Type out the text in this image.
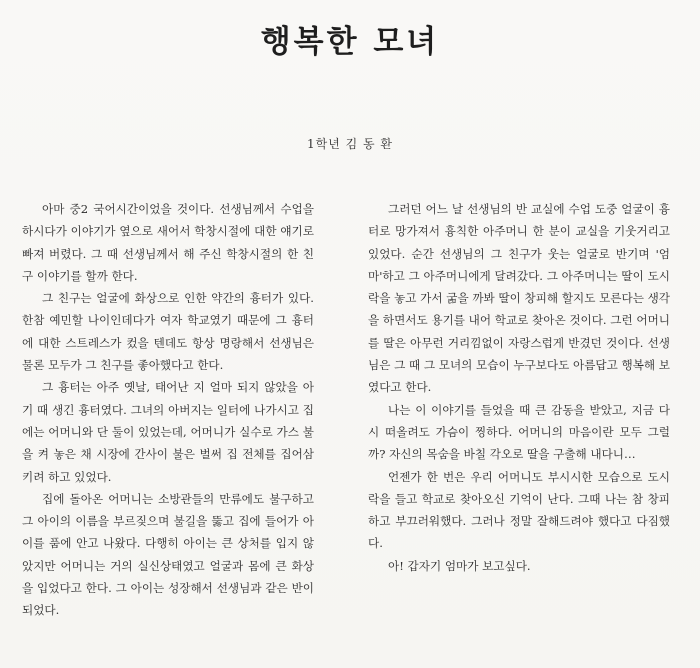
행복한 모녀
1학년 김 동 환

아마 중2 국어시간이었을 것이다. 선생님께서 수업을 하시다가 이야기가 옆으로 새어서 학창시절에 대한 얘기로 빠져 버렸다. 그 때 선생님께서 해 주신 학창시절의 한 친구 이야기를 할까 한다.

그 친구는 얼굴에 화상으로 인한 약간의 흉터가 있다. 한참 예민할 나이인데다가 여자 학교였기 때문에 그 흉터에 대한 스트레스가 컸을 텐데도 항상 명랑해서 선생님은 물론 모두가 그 친구를 좋아했다고 한다.

그 흉터는 아주 옛날, 태어난 지 얼마 되지 않았을 아기 때 생긴 흉터였다. 그녀의 아버지는 일터에 나가시고 집에는 어머니와 단 둘이 있었는데, 어머니가 실수로 가스 불을 켜 놓은 채 시장에 간사이 불은 벌써 집 전체를 집어삼키려 하고 있었다.

집에 돌아온 어머니는 소방관들의 만류에도 불구하고 그 아이의 이름을 부르짖으며 불길을 뚫고 집에 들어가 아이를 품에 안고 나왔다. 다행히 아이는 큰 상처를 입지 않았지만 어머니는 거의 실신상태였고 얼굴과 몸에 큰 화상을 입었다고 한다. 그 아이는 성장해서 선생님과 같은 반이 되었다.

그러던 어느 날 선생님의 반 교실에 수업 도중 얼굴이 흉터로 망가져서 흉칙한 아주머니 한 분이 교실을 기웃거리고 있었다. 순간 선생님의 그 친구가 웃는 얼굴로 반기며 '엄마'하고 그 아주머니에게 달려갔다. 그 아주머니는 딸이 도시락을 놓고 가서 굶을 까봐 딸이 창피해 할지도 모른다는 생각을 하면서도 용기를 내어 학교로 찾아온 것이다. 그런 어머니를 딸은 아무런 거리낌없이 자랑스럽게 반겼던 것이다. 선생님은 그 때 그 모녀의 모습이 누구보다도 아름답고 행복해 보였다고 한다.

나는 이 이야기를 들었을 때 큰 감동을 받았고, 지금 다시 떠올려도 가슴이 찡하다. 어머니의 마음이란 모두 그럴까? 자신의 목숨을 바칠 각오로 딸을 구출해 내다니…

언젠가 한 번은 우리 어머니도 부시시한 모습으로 도시락을 들고 학교로 찾아오신 기억이 난다. 그때 나는 참 창피하고 부끄러워했다. 그러나 정말 잘해드려야 했다고 다짐했다.

아! 갑자기 엄마가 보고싶다.
